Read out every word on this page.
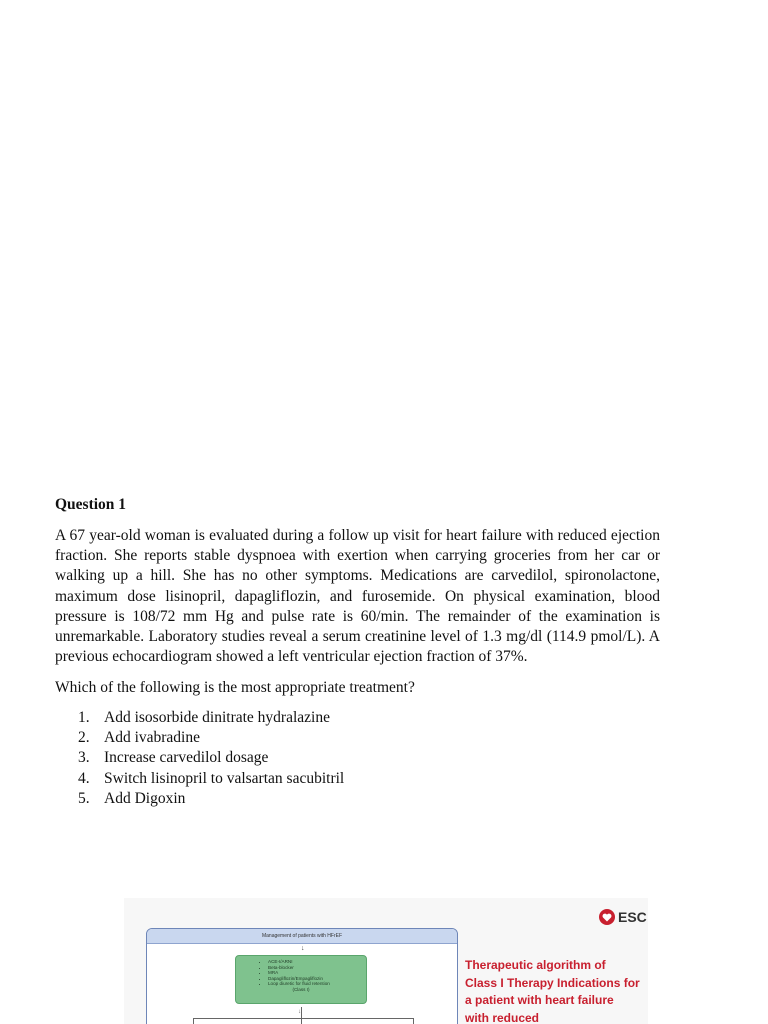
Question 1

A 67 year-old woman is evaluated during a follow up visit for heart failure with reduced ejection fraction. She reports stable dyspnoea with exertion when carrying groceries from her car or walking up a hill. She has no other symptoms. Medications are carvedilol, spironolactone, maximum dose lisinopril, dapagliflozin, and furosemide. On physical examination, blood pressure is 108/72 mm Hg and pulse rate is 60/min. The remainder of the examination is unremarkable. Laboratory studies reveal a serum creatinine level of 1.3 mg/dl (114.9 pmol/L). A previous echocardiogram showed a left ventricular ejection fraction of 37%.

Which of the following is the most appropriate treatment?

1. Add isosorbide dinitrate hydralazine
2. Add ivabradine
3. Increase carvedilol dosage
4. Switch lisinopril to valsartan sacubitril
5. Add Digoxin
ESC
Management of patients with HFrEF
↓
• ACE-I/ARNI
• Beta-blocker
• MRA
• Dapagliflozin/Empagliflozin
• Loop diuretic for fluid retention
(Class I)
↓

Therapeutic algorithm of Class I Therapy Indications for a patient with heart failure with reduced
